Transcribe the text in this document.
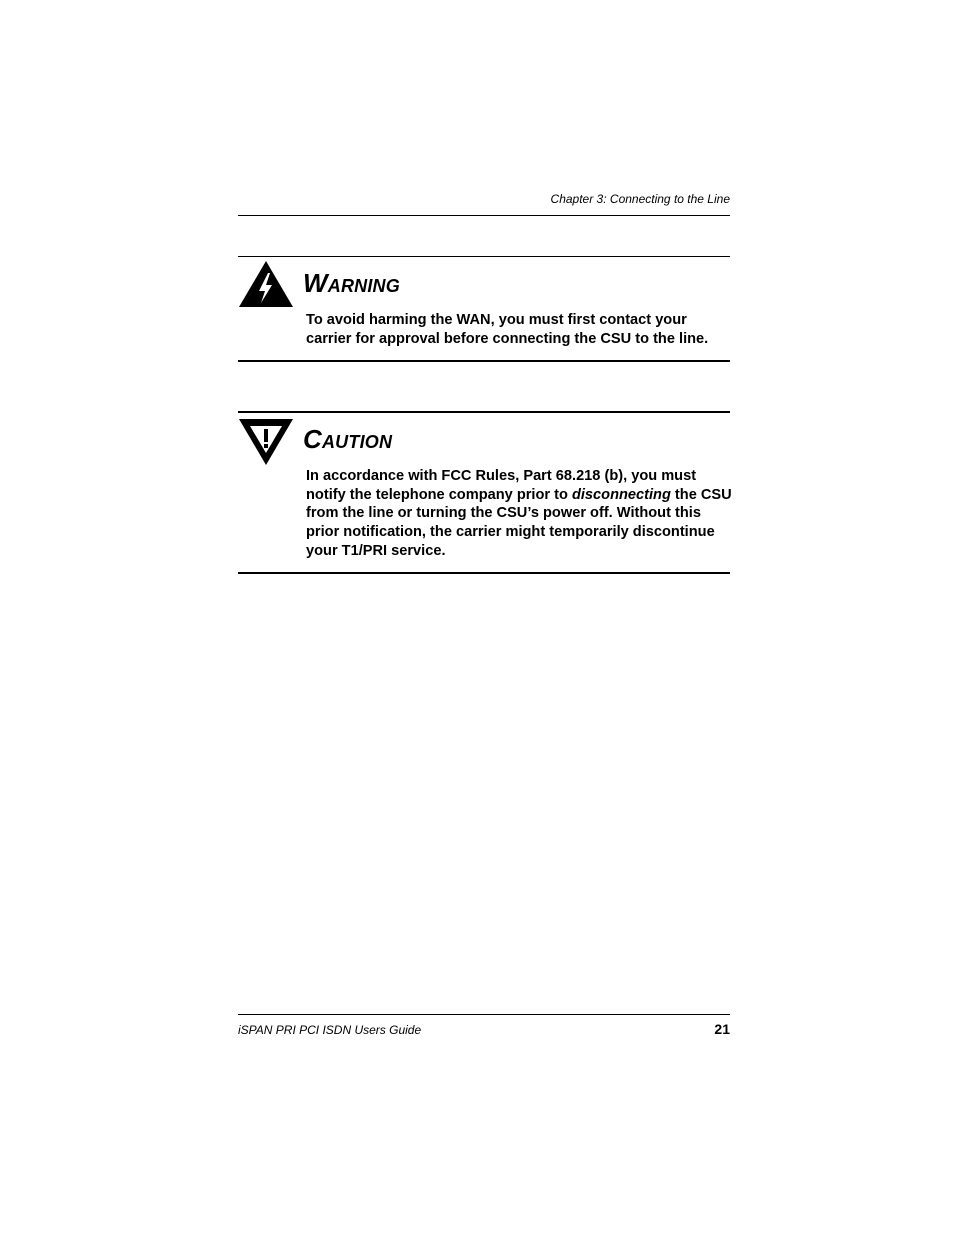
Chapter 3: Connecting to the Line
Warning
To avoid harming the WAN, you must first contact your carrier for approval before connecting the CSU to the line.
Caution
In accordance with FCC Rules, Part 68.218 (b), you must notify the telephone company prior to disconnecting the CSU from the line or turning the CSU’s power off. Without this prior notification, the carrier might temporarily discontinue your T1/PRI service.
iSPAN PRI PCI ISDN Users Guide	21
